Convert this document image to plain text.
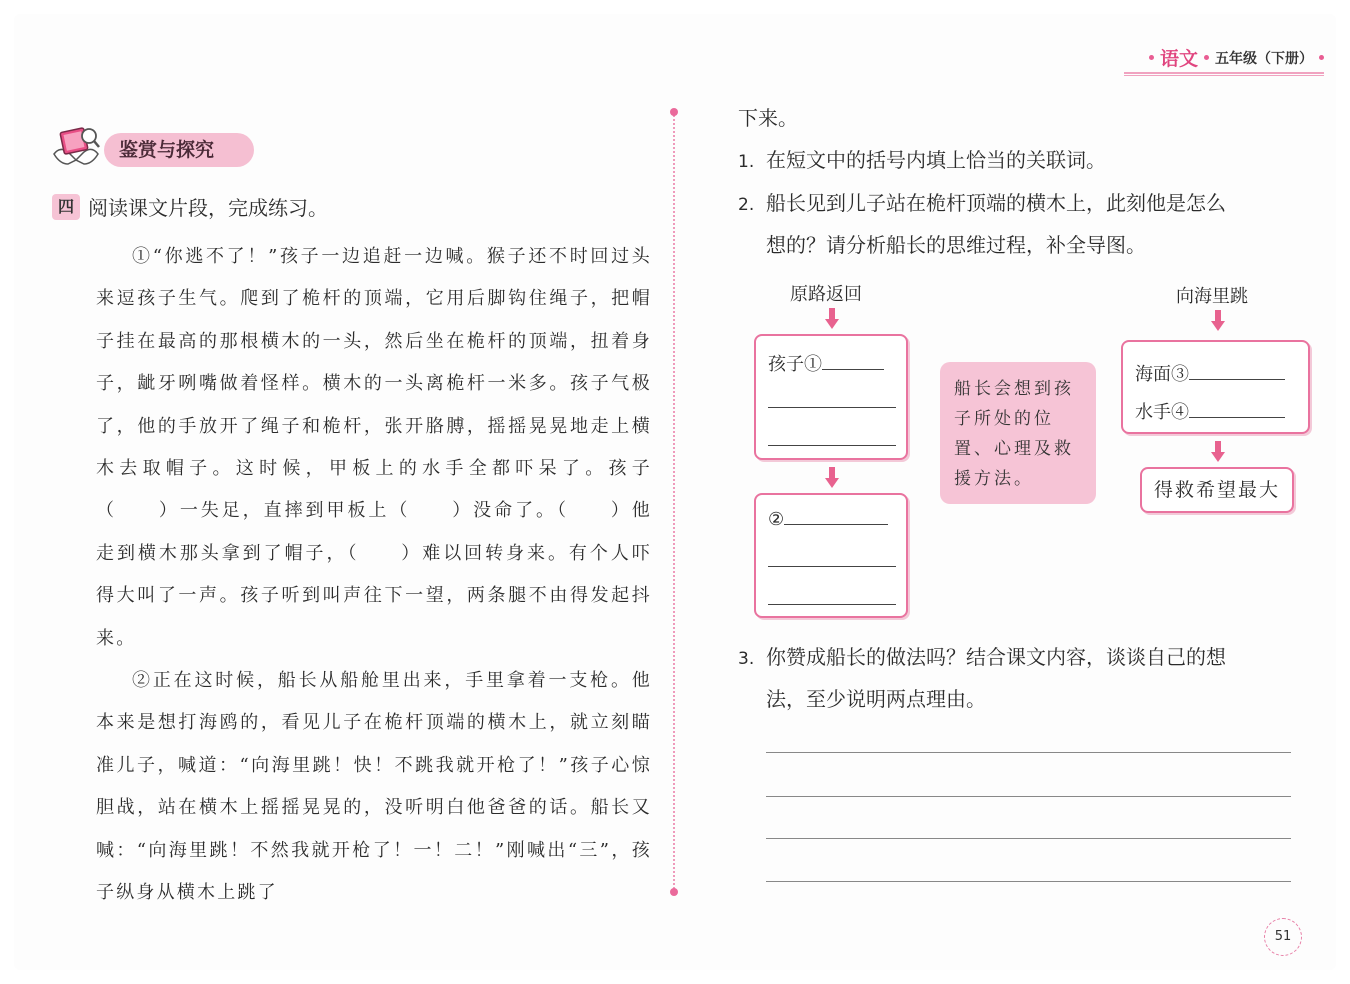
语文 五年级（下册）
鉴赏与探究
四 阅读课文片段，完成练习。

①“你逃不了！”孩子一边追赶一边喊。猴子还不时回过头来逗孩子生气。爬到了桅杆的顶端，它用后脚钩住绳子，把帽子挂在最高的那根横木的一头，然后坐在桅杆的顶端，扭着身子，龇牙咧嘴做着怪样。横木的一头离桅杆一米多。孩子气极了，他的手放开了绳子和桅杆，张开胳膊，摇摇晃晃地走上横木去取帽子。这时候，甲板上的水手全都吓呆了。孩子（　　）一失足，直摔到甲板上（　　）没命了。（　　）他走到横木那头拿到了帽子，（　　）难以回转身来。有个人吓得大叫了一声。孩子听到叫声往下一望，两条腿不由得发起抖来。

②正在这时候，船长从船舱里出来，手里拿着一支枪。他本来是想打海鸥的，看见儿子在桅杆顶端的横木上，就立刻瞄准儿子，喊道：“向海里跳！快！不跳我就开枪了！”孩子心惊胆战，站在横木上摇摇晃晃的，没听明白他爸爸的话。船长又喊：“向海里跳！不然我就开枪了！一！二！”刚喊出“三”，孩子纵身从横木上跳了

下来。
1. 在短文中的括号内填上恰当的关联词。
2. 船长见到儿子站在桅杆顶端的横木上，此刻他是怎么
想的？请分析船长的思维过程，补全导图。
3. 你赞成船长的做法吗？结合课文内容，谈谈自己的想
法，至少说明两点理由。
原路返回	向海里跳
孩子①
②
船长会想到孩子所处的位置、心理及救援方法。
海面③
水手④
得救希望最大
51
